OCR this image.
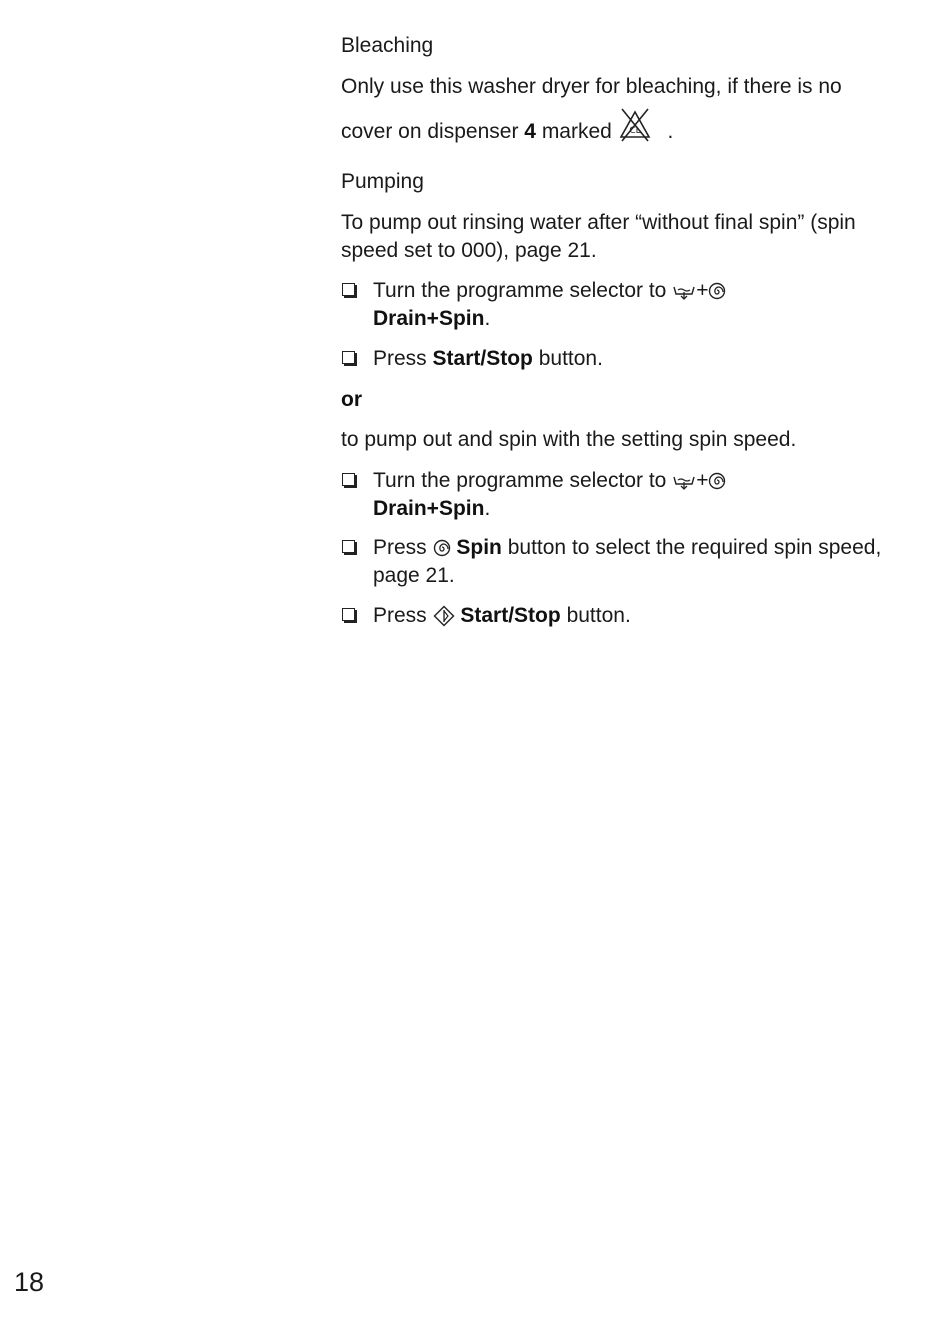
Bleaching

Only use this washer dryer for bleaching, if there is no

cover on dispenser 4 marked CL .

Pumping

To pump out rinsing water after “without final spin” (spin speed set to 000), page 21.

Turn the programme selector to +
Drain+Spin.
Press Start/Stop button.

or

to pump out and spin with the setting spin speed.

Turn the programme selector to +
Drain+Spin.
Press Spin button to select the required spin speed, page 21.
Press Start/Stop button.
18
